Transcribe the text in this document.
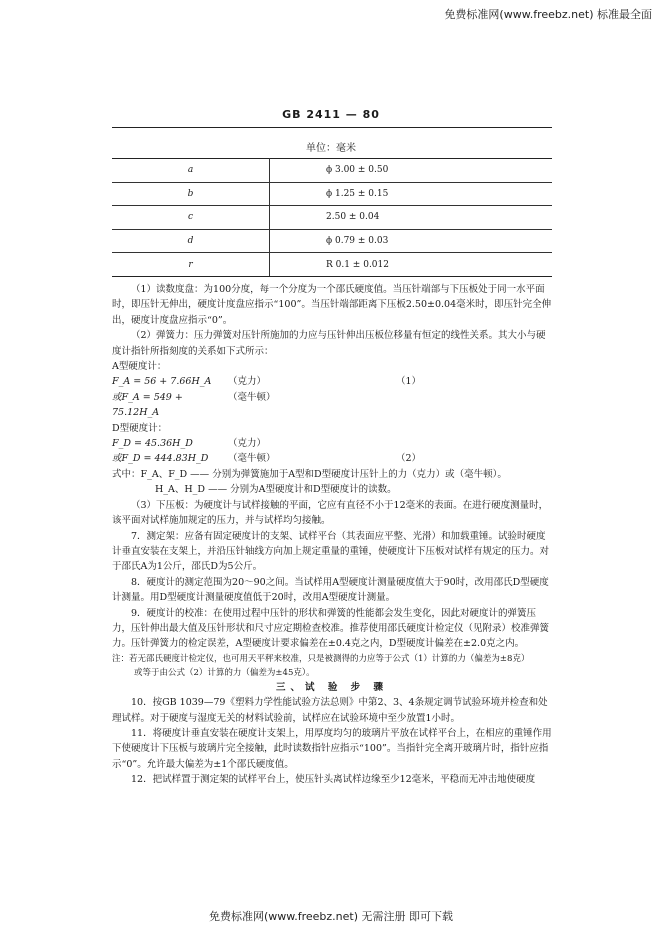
免费标准网(www.freebz.net) 标准最全面
GB 2411 — 80
单位：毫米
a	ϕ 3.00 ± 0.50
b	ϕ 1.25 ± 0.15
c	2.50 ± 0.04
d	ϕ 0.79 ± 0.03
r	R 0.1 ± 0.012

（1）读数度盘：为100分度，每一个分度为一个邵氏硬度值。当压针端部与下压板处于同一水平面时，即压针无伸出，硬度计度盘应指示“100”。当压针端部距离下压板2.50±0.04毫米时，即压针完全伸出，硬度计度盘应指示“0”。

（2）弹簧力：压力弹簧对压针所施加的力应与压针伸出压板位移量有恒定的线性关系。其大小与硬度计指针所指刻度的关系如下式所示：

A型硬度计：

F_A = 56 + 7.66H_A	（克力）	（1）
或F_A = 549 + 75.12H_A
（毫牛顿）

D型硬度计：

F_D = 45.36H_D	（克力）
或F_D = 444.83H_D	（毫牛顿）	（2）

式中：F_A、F_D —— 分别为弹簧施加于A型和D型硬度计压针上的力（克力）或（毫牛顿）。

H_A、H_D —— 分别为A型硬度计和D型硬度计的读数。

（3）下压板：为硬度计与试样接触的平面，它应有直径不小于12毫米的表面。在进行硬度测量时，该平面对试样施加规定的压力，并与试样均匀接触。

7．测定架：应备有固定硬度计的支架、试样平台（其表面应平整、光滑）和加载重锤。试验时硬度计垂直安装在支架上，并沿压针轴线方向加上规定重量的重锤，使硬度计下压板对试样有规定的压力。对于邵氏A为1公斤，邵氏D为5公斤。

8．硬度计的测定范围为20～90之间。当试样用A型硬度计测量硬度值大于90时，改用邵氏D型硬度计测量。用D型硬度计测量硬度值低于20时，改用A型硬度计测量。

9．硬度计的校准：在使用过程中压针的形状和弹簧的性能都会发生变化，因此对硬度计的弹簧压力，压针伸出最大值及压针形状和尺寸应定期检查校准。推荐使用邵氏硬度计检定仪（见附录）校准弹簧力。压针弹簧力的检定误差，A型硬度计要求偏差在±0.4克之内，D型硬度计偏差在±2.0克之内。

注：若无邵氏硬度计检定仪，也可用天平秤来校准，只是被测得的力应等于公式（1）计算的力（偏差为±8克）

或等于由公式（2）计算的力（偏差为±45克）。

三、试 验 步 骤

10．按GB 1039—79《塑料力学性能试验方法总则》中第2、3、4条规定调节试验环境并检查和处理试样。对于硬度与湿度无关的材料试验前，试样应在试验环境中至少放置1小时。

11．将硬度计垂直安装在硬度计支架上，用厚度均匀的玻璃片平放在试样平台上，在相应的重锤作用下使硬度计下压板与玻璃片完全接触，此时读数指针应指示“100”。当指针完全离开玻璃片时，指针应指示“0”。允许最大偏差为±1个邵氏硬度值。

12．把试样置于测定架的试样平台上，使压针头离试样边缘至少12毫米，平稳而无冲击地使硬度

免费标准网(www.freebz.net) 无需注册 即可下载
